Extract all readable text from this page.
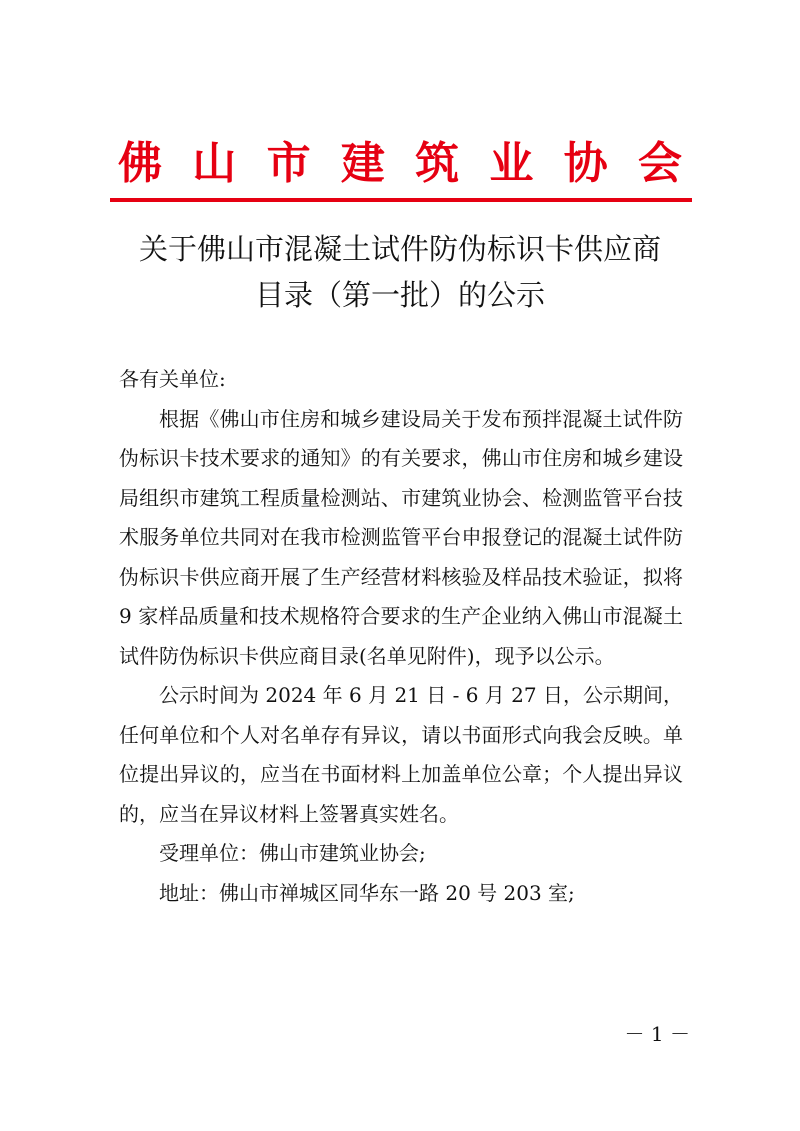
佛山市建筑业协会
关于佛山市混凝土试件防伪标识卡供应商
目录（第一批）的公示

各有关单位:

根据《佛山市住房和城乡建设局关于发布预拌混凝土试件防伪标识卡技术要求的通知》的有关要求，佛山市住房和城乡建设局组织市建筑工程质量检测站、市建筑业协会、检测监管平台技术服务单位共同对在我市检测监管平台申报登记的混凝土试件防伪标识卡供应商开展了生产经营材料核验及样品技术验证，拟将 9 家样品质量和技术规格符合要求的生产企业纳入佛山市混凝土试件防伪标识卡供应商目录(名单见附件)，现予以公示。

公示时间为 2024 年 6 月 21 日 - 6 月 27 日，公示期间，任何单位和个人对名单存有异议，请以书面形式向我会反映。单位提出异议的，应当在书面材料上加盖单位公章；个人提出异议的，应当在异议材料上签署真实姓名。

受理单位：佛山市建筑业协会;

地址：佛山市禅城区同华东一路 20 号 203 室;

－ 1 －
